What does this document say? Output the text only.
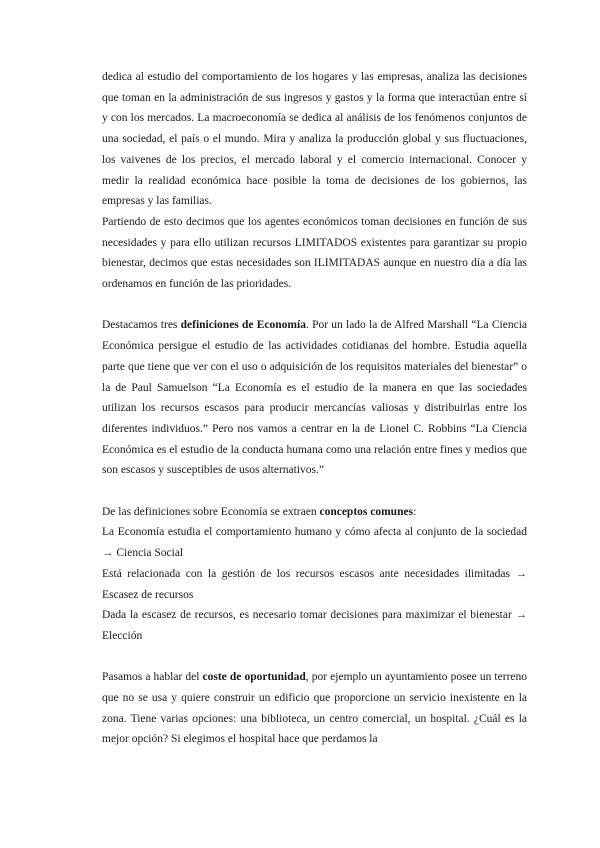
dedica al estudio del comportamiento de los hogares y las empresas, analiza las decisiones que toman en la administración de sus ingresos y gastos y la forma que interactúan entre sí y con los mercados. La macroeconomía se dedica al análisis de los fenómenos conjuntos de una sociedad, el país o el mundo. Mira y analiza la producción global y sus fluctuaciones, los vaivenes de los precios, el mercado laboral y el comercio internacional. Conocer y medir la realidad económica hace posible la toma de decisiones de los gobiernos, las empresas y las familias.

Partiendo de esto decimos que los agentes económicos toman decisiones en función de sus necesidades y para ello utilizan recursos LIMITADOS existentes para garantizar su propio bienestar, decimos que estas necesidades son ILIMITADAS aunque en nuestro día a día las ordenamos en función de las prioridades.

Destacamos tres definiciones de Economía. Por un lado la de Alfred Marshall “La Ciencia Económica persigue el estudio de las actividades cotidianas del hombre. Estudia aquella parte que tiene que ver con el uso o adquisición de los requisitos materiales del bienestar” o la de Paul Samuelson “La Economía es el estudio de la manera en que las sociedades utilizan los recursos escasos para producir mercancías valiosas y distribuirlas entre los diferentes individuos.” Pero nos vamos a centrar en la de Lionel C. Robbins “La Ciencia Económica es el estudio de la conducta humana como una relación entre fines y medios que son escasos y susceptibles de usos alternativos.”

De las definiciones sobre Economía se extraen conceptos comunes:

La Economía estudia el comportamiento humano y cómo afecta al conjunto de la sociedad → Ciencia Social

Está relacionada con la gestión de los recursos escasos ante necesidades ilimitadas → Escasez de recursos

Dada la escasez de recursos, es necesario tomar decisiones para maximizar el bienestar → Elección

Pasamos a hablar del coste de oportunidad, por ejemplo un ayuntamiento posee un terreno que no se usa y quiere construir un edificio que proporcione un servicio inexistente en la zona. Tiene varias opciones: una biblioteca, un centro comercial, un hospital. ¿Cuál es la mejor opción? Si elegimos el hospital hace que perdamos la
